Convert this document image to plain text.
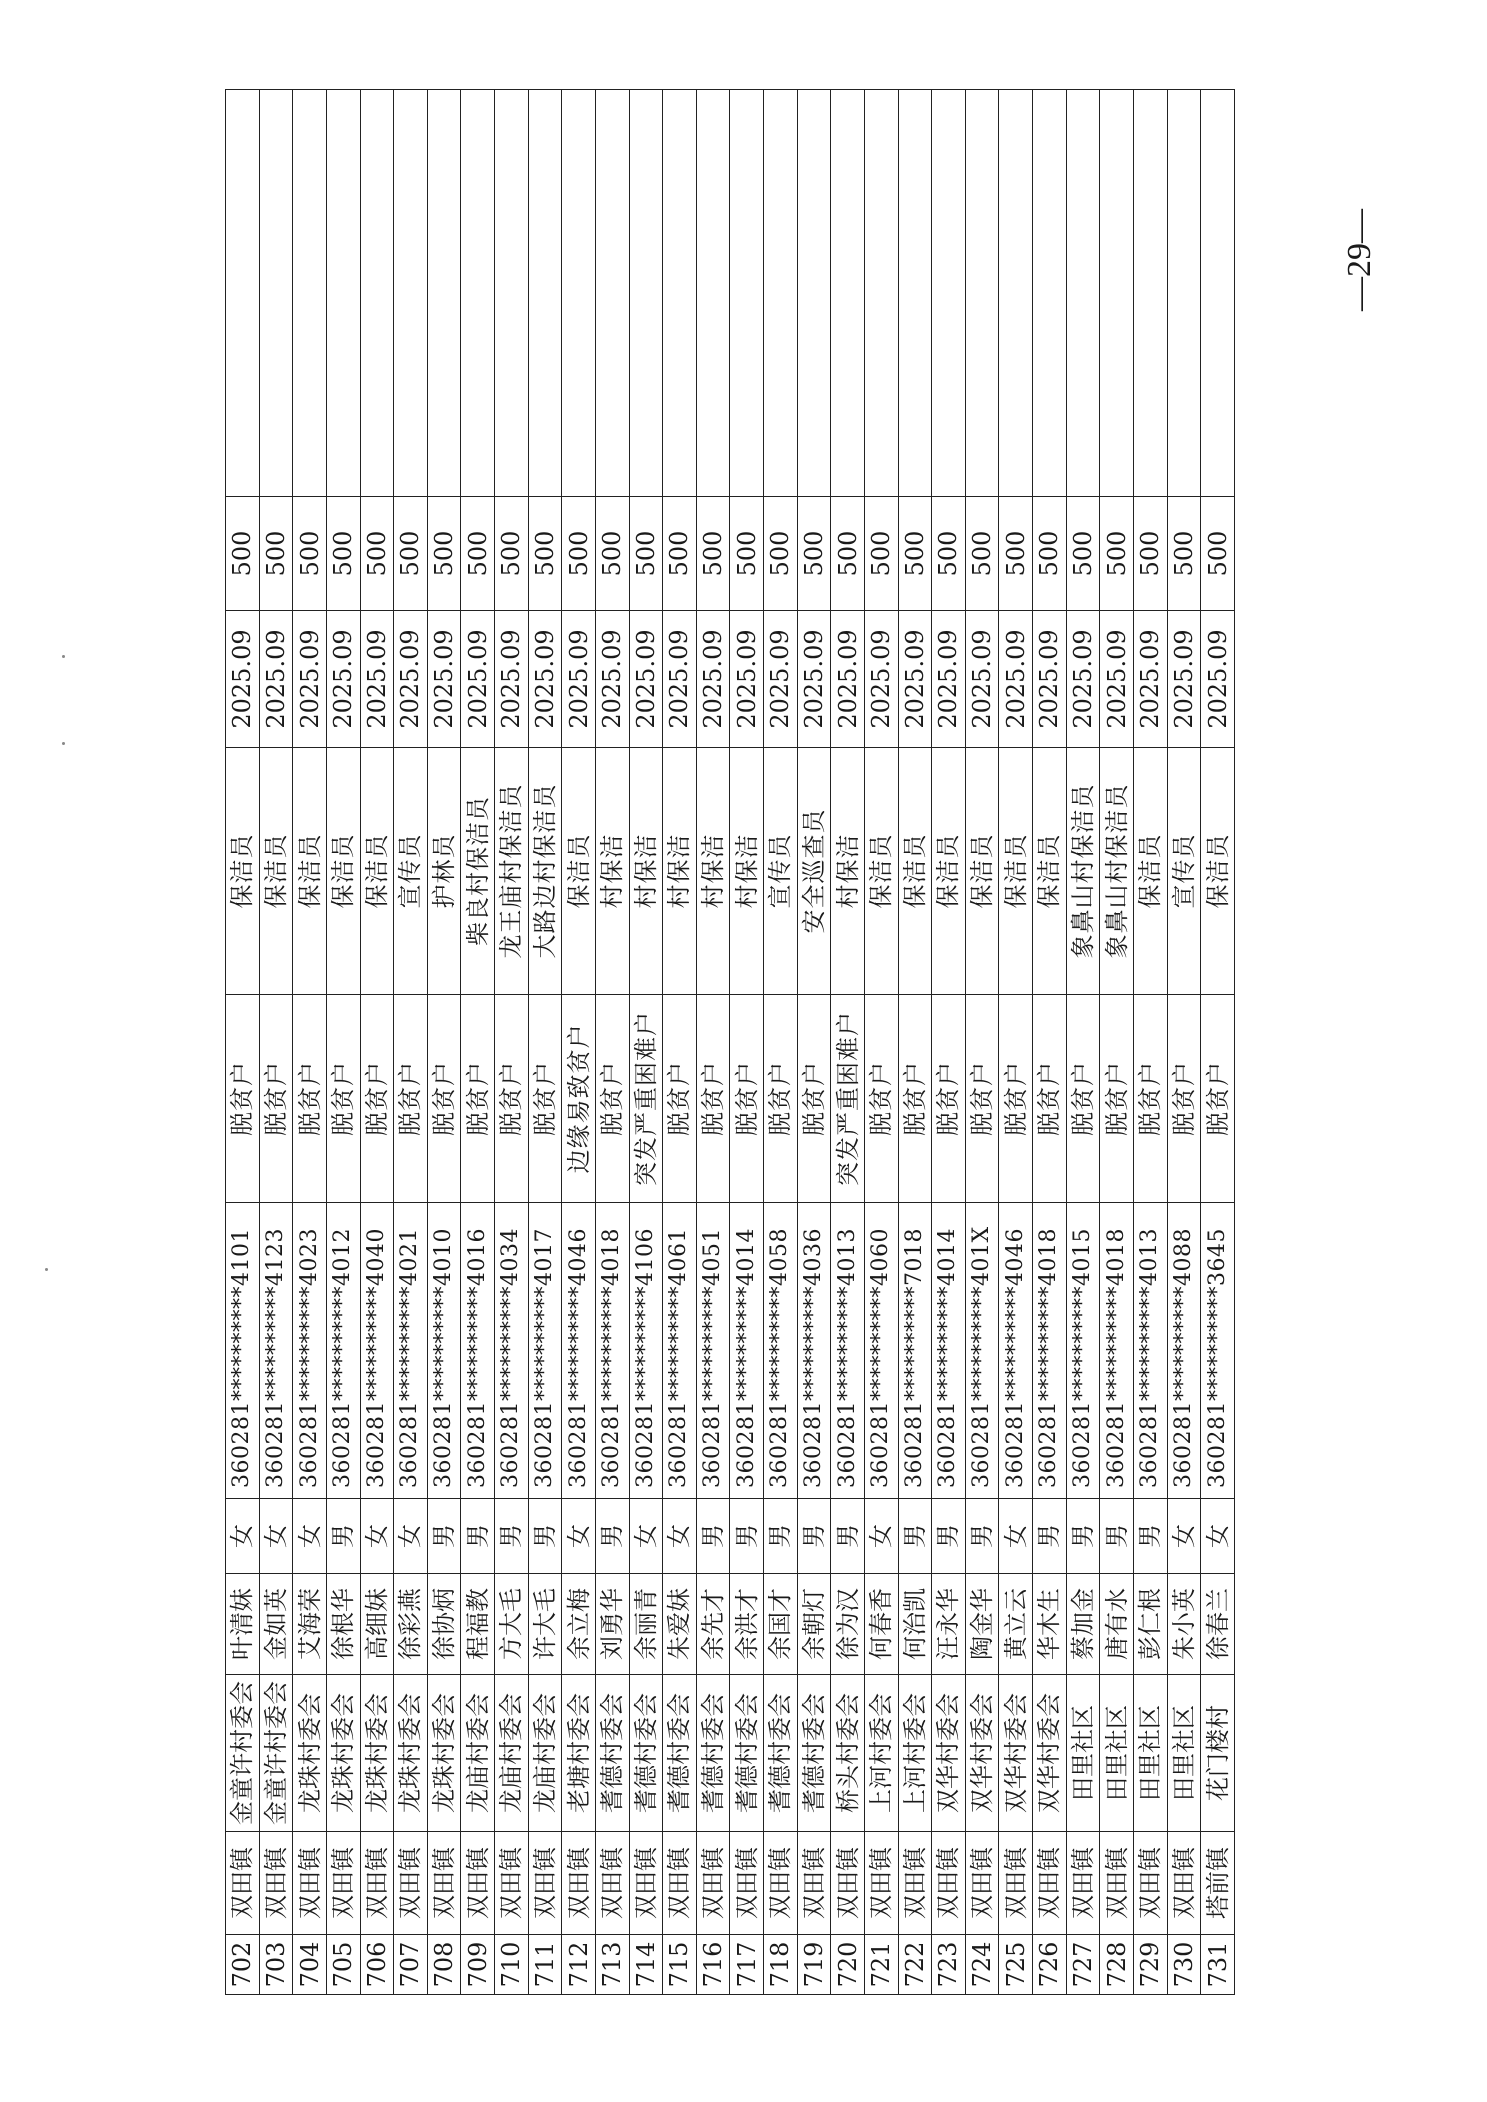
702	双田镇	金童许村委会	叶清妹	女	360281**********4101	脱贫户	保洁员	2025.09	500	
703	双田镇	金童许村委会	金如英	女	360281**********4123	脱贫户	保洁员	2025.09	500	
704	双田镇	龙珠村委会	艾海荣	女	360281**********4023	脱贫户	保洁员	2025.09	500	
705	双田镇	龙珠村委会	徐根华	男	360281**********4012	脱贫户	保洁员	2025.09	500	
706	双田镇	龙珠村委会	高细妹	女	360281**********4040	脱贫户	保洁员	2025.09	500	
707	双田镇	龙珠村委会	徐彩燕	女	360281**********4021	脱贫户	宣传员	2025.09	500	
708	双田镇	龙珠村委会	徐协炳	男	360281**********4010	脱贫户	护林员	2025.09	500	
709	双田镇	龙庙村委会	程福教	男	360281**********4016	脱贫户	柴良村保洁员	2025.09	500	
710	双田镇	龙庙村委会	方大毛	男	360281**********4034	脱贫户	龙王庙村保洁员	2025.09	500	
711	双田镇	龙庙村委会	许大毛	男	360281**********4017	脱贫户	大路边村保洁员	2025.09	500	
712	双田镇	老塘村委会	余立梅	女	360281**********4046	边缘易致贫户	保洁员	2025.09	500	
713	双田镇	耆德村委会	刘勇华	男	360281**********4018	脱贫户	村保洁	2025.09	500	
714	双田镇	耆德村委会	余丽青	女	360281**********4106	突发严重困难户	村保洁	2025.09	500	
715	双田镇	耆德村委会	朱爱妹	女	360281**********4061	脱贫户	村保洁	2025.09	500	
716	双田镇	耆德村委会	余先才	男	360281**********4051	脱贫户	村保洁	2025.09	500	
717	双田镇	耆德村委会	余洪才	男	360281**********4014	脱贫户	村保洁	2025.09	500	
718	双田镇	耆德村委会	余国才	男	360281**********4058	脱贫户	宣传员	2025.09	500	
719	双田镇	耆德村委会	余朝灯	男	360281**********4036	脱贫户	安全巡查员	2025.09	500	
720	双田镇	桥头村委会	徐为汉	男	360281**********4013	突发严重困难户	村保洁	2025.09	500	
721	双田镇	上河村委会	何春香	女	360281**********4060	脱贫户	保洁员	2025.09	500	
722	双田镇	上河村委会	何治凯	男	360281**********7018	脱贫户	保洁员	2025.09	500	
723	双田镇	双华村委会	汪永华	男	360281**********4014	脱贫户	保洁员	2025.09	500	
724	双田镇	双华村委会	陶金华	男	360281**********401X	脱贫户	保洁员	2025.09	500	
725	双田镇	双华村委会	黄立云	女	360281**********4046	脱贫户	保洁员	2025.09	500	
726	双田镇	双华村委会	华木生	男	360281**********4018	脱贫户	保洁员	2025.09	500	
727	双田镇	田里社区	蔡加金	男	360281**********4015	脱贫户	象鼻山村保洁员	2025.09	500	
728	双田镇	田里社区	唐有水	男	360281**********4018	脱贫户	象鼻山村保洁员	2025.09	500	
729	双田镇	田里社区	彭仁根	男	360281**********4013	脱贫户	保洁员	2025.09	500	
730	双田镇	田里社区	朱小英	女	360281**********4088	脱贫户	宣传员	2025.09	500	
731	塔前镇	花门楼村	徐春兰	女	360281**********3645	脱贫户	保洁员	2025.09	500	
—
29
—
